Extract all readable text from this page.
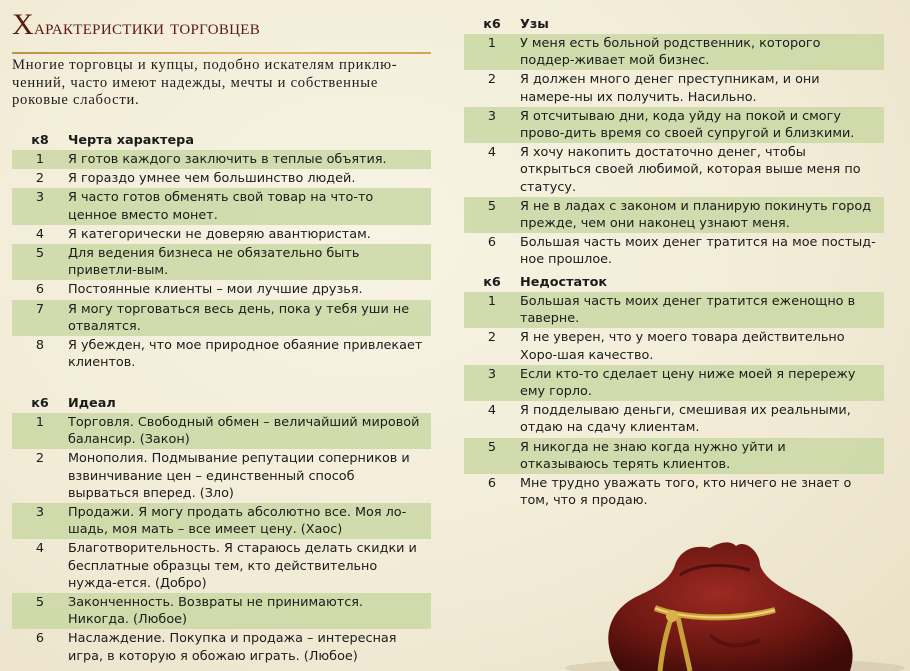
Характеристики торговцев

Многие торговцы и купцы, подобно искателям приклю-ченний, часто имеют надежды, мечты и собственные роковые слабости.

к8	Черта характера
1	Я готов каждого заключить в теплые объятия.
2	Я гораздо умнее чем большинство людей.
3	Я часто готов обменять свой товар на что-то ценное вместо монет.
4	Я категорически не доверяю авантюристам.
5	Для ведения бизнеса не обязательно быть приветли-вым.
6	Постоянные клиенты – мои лучшие друзья.
7	Я могу торговаться весь день, пока у тебя уши не отвалятся.
8	Я убежден, что мое природное обаяние привлекает клиентов.
к6	Идеал
1	Торговля. Свободный обмен – величайший мировой балансир. (Закон)
2	Монополия. Подмывание репутации соперников и взвинчивание цен – единственный способ вырваться вперед. (Зло)
3	Продажи. Я могу продать абсолютно все. Моя ло-шадь, моя мать – все имеет цену. (Хаос)
4	Благотворительность. Я стараюсь делать скидки и бесплатные образцы тем, кто действительно нужда-ется. (Добро)
5	Законченность. Возвраты не принимаются. Никогда. (Любое)
6	Наслаждение. Покупка и продажа – интересная игра, в которую я обожаю играть. (Любое)
к6	Узы
1	У меня есть больной родственник, которого поддер-живает мой бизнес.
2	Я должен много денег преступникам, и они намере-ны их получить. Насильно.
3	Я отсчитываю дни, кода уйду на покой и смогу прово-дить время со своей супругой и близкими.
4	Я хочу накопить достаточно денег, чтобы открыться своей любимой, которая выше меня по статусу.
5	Я не в ладах с законом и планирую покинуть город прежде, чем они наконец узнают меня.
6	Большая часть моих денег тратится на мое постыд-ное прошлое.
к6	Недостаток
1	Большая часть моих денег тратится еженощно в таверне.
2	Я не уверен, что у моего товара действительно Хоро-шая качество.
3	Если кто-то сделает цену ниже моей я перережу ему горло.
4	Я подделываю деньги, смешивая их реальными, отдаю на сдачу клиентам.
5	Я никогда не знаю когда нужно уйти и отказываюсь терять клиентов.
6	Мне трудно уважать того, кто ничего не знает о том, что я продаю.
